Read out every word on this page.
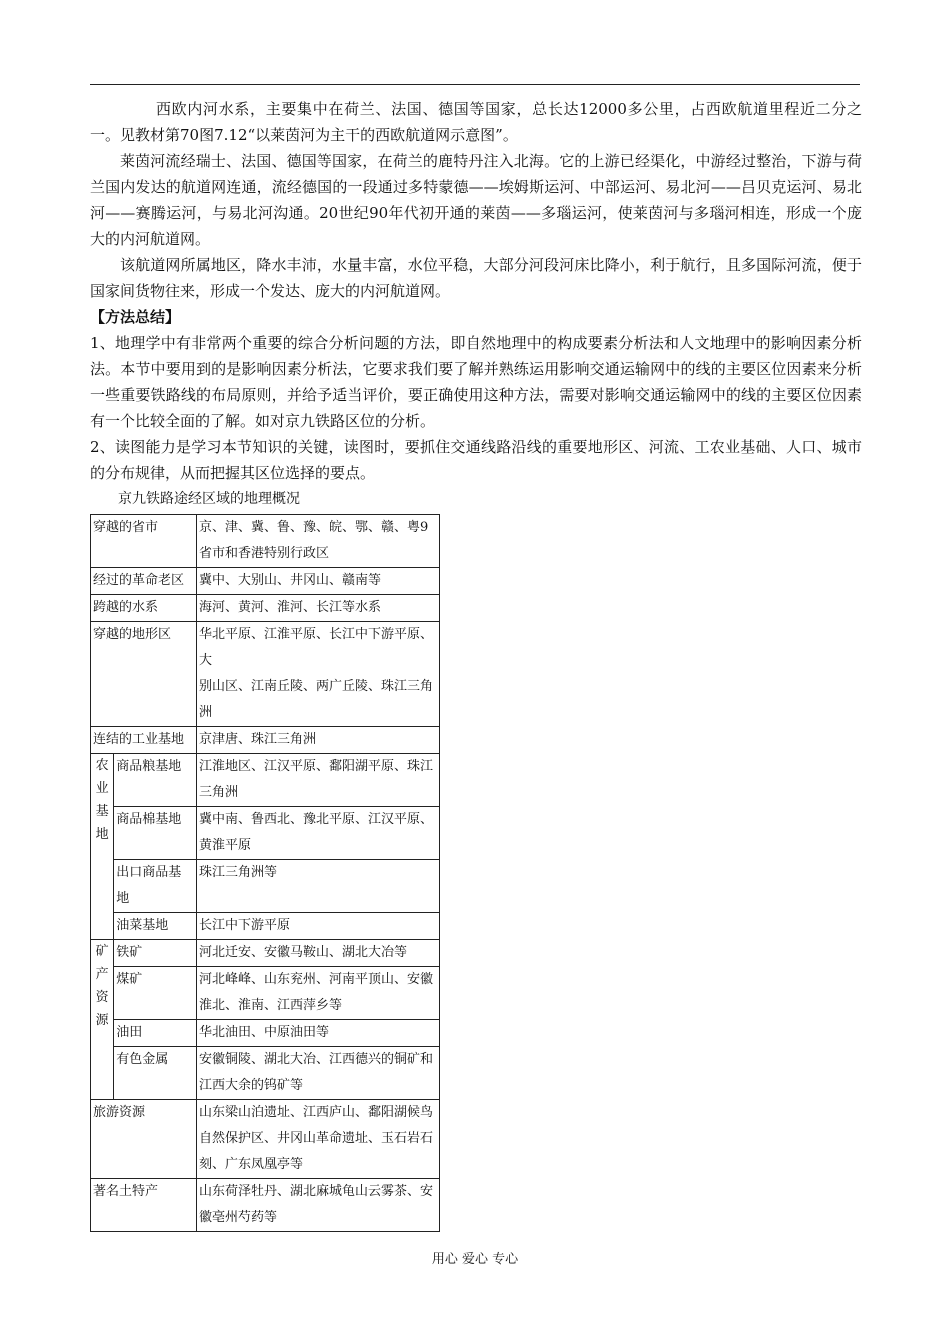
西欧内河水系，主要集中在荷兰、法国、德国等国家，总长达12000多公里，占西欧航道里程近二分之一。见教材第70图7.12“以莱茵河为主干的西欧航道网示意图”。

莱茵河流经瑞士、法国、德国等国家，在荷兰的鹿特丹注入北海。它的上游已经渠化，中游经过整治，下游与荷兰国内发达的航道网连通，流经德国的一段通过多特蒙德——埃姆斯运河、中部运河、易北河——吕贝克运河、易北河——赛腾运河，与易北河沟通。20世纪90年代初开通的莱茵——多瑙运河，使莱茵河与多瑙河相连，形成一个庞大的内河航道网。

该航道网所属地区，降水丰沛，水量丰富，水位平稳，大部分河段河床比降小，利于航行，且多国际河流，便于国家间货物往来，形成一个发达、庞大的内河航道网。

【方法总结】

1、地理学中有非常两个重要的综合分析问题的方法，即自然地理中的构成要素分析法和人文地理中的影响因素分析法。本节中要用到的是影响因素分析法，它要求我们要了解并熟练运用影响交通运输网中的线的主要区位因素来分析一些重要铁路线的布局原则，并给予适当评价，要正确使用这种方法，需要对影响交通运输网中的线的主要区位因素有一个比较全面的了解。如对京九铁路区位的分析。

2、读图能力是学习本节知识的关键，读图时，要抓住交通线路沿线的重要地形区、河流、工农业基础、人口、城市的分布规律，从而把握其区位选择的要点。

京九铁路途经区域的地理概况
穿越的省市		京、津、冀、鲁、豫、皖、鄂、赣、粤9省市和香港特别行政区
经过的革命老区		冀中、大别山、井冈山、赣南等
跨越的水系		海河、黄河、淮河、长江等水系
穿越的地形区		华北平原、江淮平原、长江中下游平原、大
别山区、江南丘陵、两广丘陵、珠江三角洲

连结的工业基地		京津唐、珠江三角洲

农业基地	商品粮基地	江淮地区、江汉平原、鄱阳湖平原、珠江三角洲
	商品棉基地	冀中南、鲁西北、豫北平原、江汉平原、黄淮平原
	出口商品基地	珠江三角洲等
	油菜基地	长江中下游平原

矿产资源	铁矿	河北迁安、安徽马鞍山、湖北大冶等
	煤矿	河北峰峰、山东兖州、河南平顶山、安徽淮北、淮南、江西萍乡等
	油田	华北油田、中原油田等
	有色金属	安徽铜陵、湖北大冶、江西德兴的铜矿和江西大余的钨矿等
旅游资源		山东梁山泊遗址、江西庐山、鄱阳湖候鸟自然保护区、井冈山革命遗址、玉石岩石刻、广东凤凰亭等
著名土特产		山东荷泽牡丹、湖北麻城龟山云雾茶、安徽亳州芍药等
用心 爱心 专心
